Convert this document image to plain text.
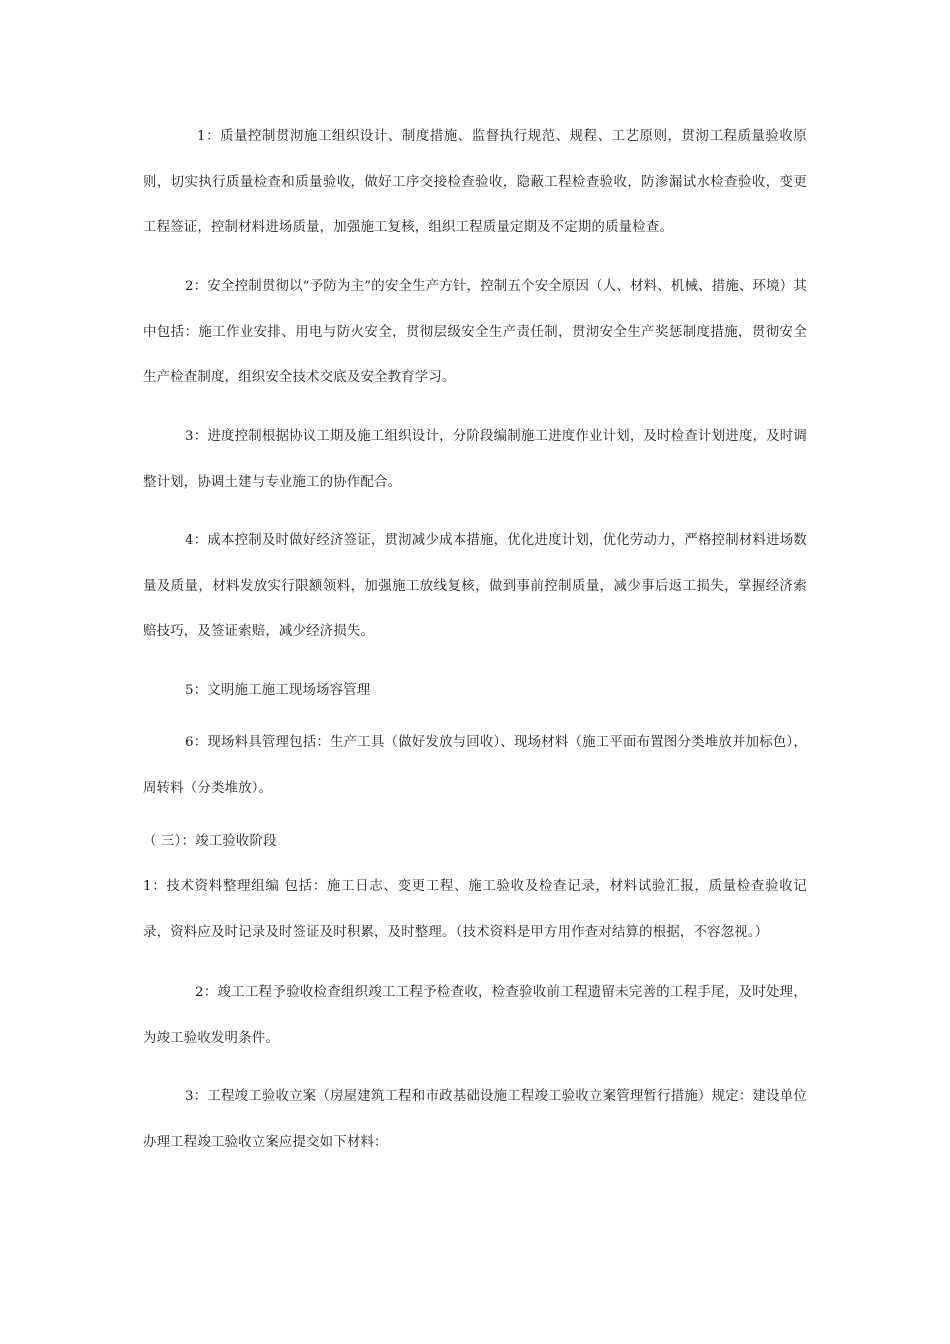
1：质量控制贯沏施工组织设计、制度措施、监督执行规范、规程、工艺原则，贯沏工程质量验收原则，切实执行质量检查和质量验收，做好工序交接检查验收，隐蔽工程检查验收，防渗漏试水检查验收，变更工程签证，控制材料进场质量，加强施工复核，组织工程质量定期及不定期的质量检查。

2：安全控制贯彻以“予防为主”的安全生产方针，控制五个安全原因（人、材料、机械、措施、环境）其中包括：施工作业安排、用电与防火安全，贯彻层级安全生产责任制，贯沏安全生产奖惩制度措施，贯彻安全生产检查制度，组织安全技术交底及安全教育学习。

3：进度控制根据协议工期及施工组织设计，分阶段编制施工进度作业计划，及时检查计划进度，及时调整计划，协调土建与专业施工的协作配合。

4：成本控制及时做好经济签证，贯沏减少成本措施，优化进度计划，优化劳动力，严格控制材料进场数量及质量，材料发放实行限额领料，加强施工放线复核，做到事前控制质量，减少事后返工损失，掌握经济索赔技巧，及签证索赔，减少经济损失。

5：文明施工施工现场场容管理

6：现场料具管理包括：生产工具（做好发放与回收）、现场材料（施工平面布置图分类堆放并加标色），周转料（分类堆放）。

（ 三）：竣工验收阶段

1：技术资料整理组编 包括：施工日志、变更工程、施工验收及检查记录，材料试验汇报，质量检查验收记录，资料应及时记录及时签证及时积累，及时整理。（技术资料是甲方用作查对结算的根据，不容忽视。）

2：竣工工程予验收检查组织竣工工程予检查收，检查验收前工程遗留未完善的工程手尾，及时处理，为竣工验收发明条件。

3：工程竣工验收立案（房屋建筑工程和市政基础设施工程竣工验收立案管理暂行措施）规定：建设单位办理工程竣工验收立案应提交如下材料：
